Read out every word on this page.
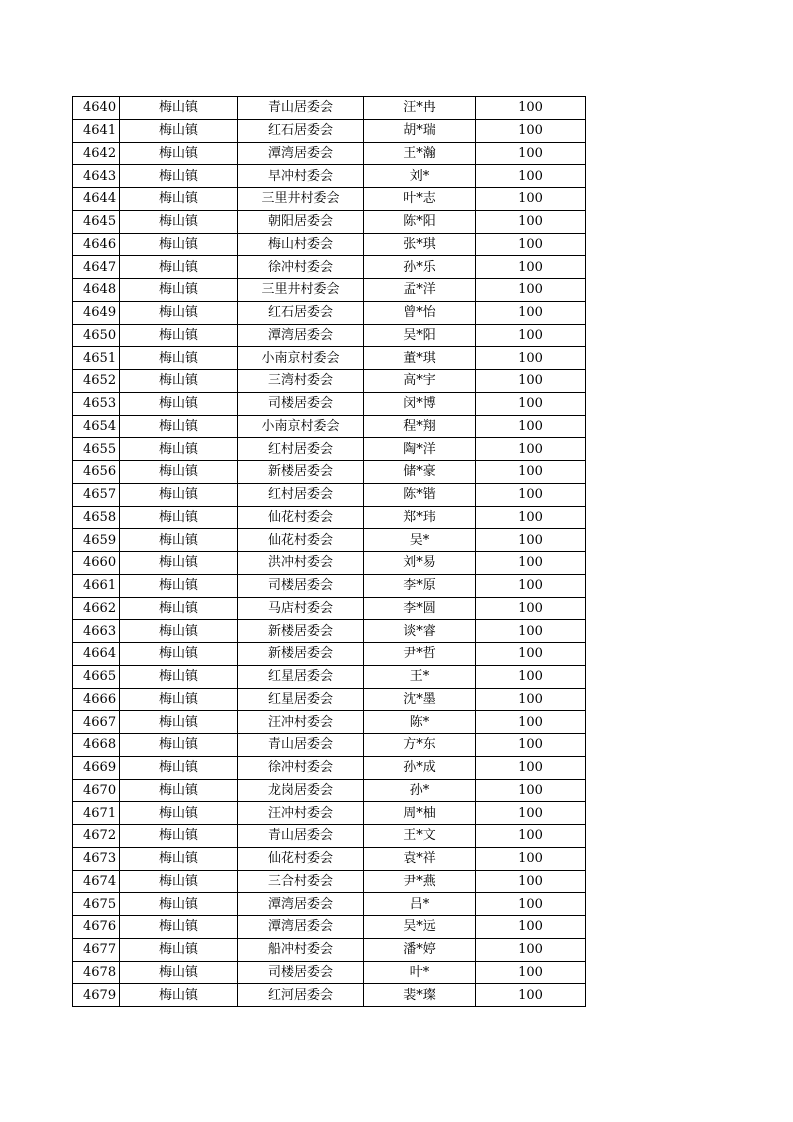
4640	梅山镇	青山居委会	汪*冉	100
4641	梅山镇	红石居委会	胡*瑞	100
4642	梅山镇	潭湾居委会	王*瀚	100
4643	梅山镇	早冲村委会	刘*	100
4644	梅山镇	三里井村委会	叶*志	100
4645	梅山镇	朝阳居委会	陈*阳	100
4646	梅山镇	梅山村委会	张*琪	100
4647	梅山镇	徐冲村委会	孙*乐	100
4648	梅山镇	三里井村委会	孟*洋	100
4649	梅山镇	红石居委会	曾*怡	100
4650	梅山镇	潭湾居委会	吴*阳	100
4651	梅山镇	小南京村委会	董*琪	100
4652	梅山镇	三湾村委会	高*宇	100
4653	梅山镇	司楼居委会	闵*博	100
4654	梅山镇	小南京村委会	程*翔	100
4655	梅山镇	红村居委会	陶*洋	100
4656	梅山镇	新楼居委会	储*豪	100
4657	梅山镇	红村居委会	陈*锴	100
4658	梅山镇	仙花村委会	郑*玮	100
4659	梅山镇	仙花村委会	吴*	100
4660	梅山镇	洪冲村委会	刘*易	100
4661	梅山镇	司楼居委会	李*原	100
4662	梅山镇	马店村委会	李*圆	100
4663	梅山镇	新楼居委会	谈*睿	100
4664	梅山镇	新楼居委会	尹*哲	100
4665	梅山镇	红星居委会	王*	100
4666	梅山镇	红星居委会	沈*墨	100
4667	梅山镇	汪冲村委会	陈*	100
4668	梅山镇	青山居委会	方*东	100
4669	梅山镇	徐冲村委会	孙*成	100
4670	梅山镇	龙岗居委会	孙*	100
4671	梅山镇	汪冲村委会	周*柚	100
4672	梅山镇	青山居委会	王*文	100
4673	梅山镇	仙花村委会	袁*祥	100
4674	梅山镇	三合村委会	尹*燕	100
4675	梅山镇	潭湾居委会	吕*	100
4676	梅山镇	潭湾居委会	吴*远	100
4677	梅山镇	船冲村委会	潘*婷	100
4678	梅山镇	司楼居委会	叶*	100
4679	梅山镇	红河居委会	裴*璨	100
